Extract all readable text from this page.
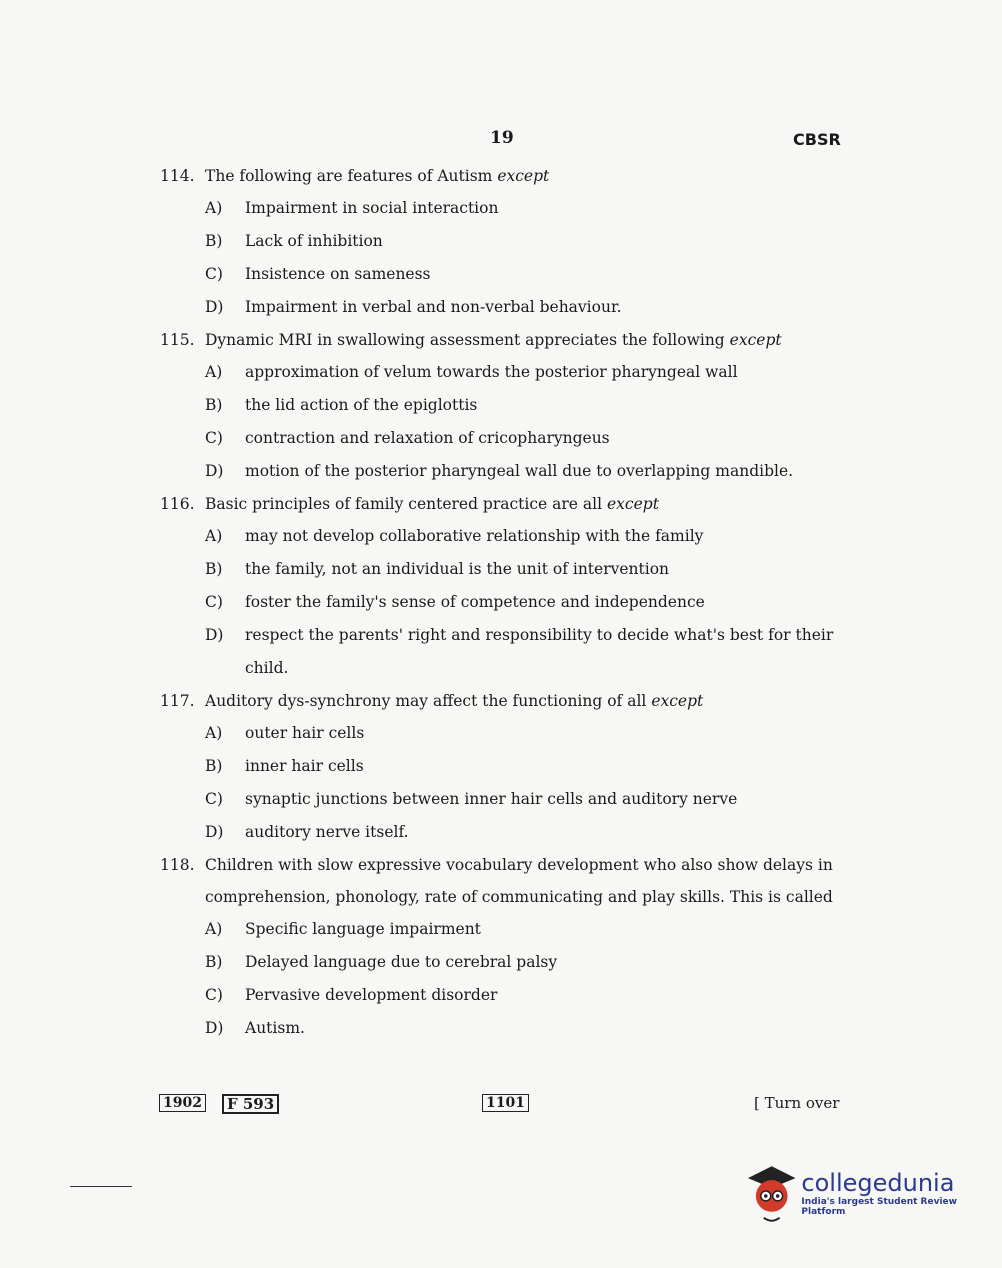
19	CBSR
114. The following are features of Autism except
A)	Impairment in social interaction
B)	Lack of inhibition
C)	Insistence on sameness
D)	Impairment in verbal and non-verbal behaviour.
115. Dynamic MRI in swallowing assessment appreciates the following except
A)	approximation of velum towards the posterior pharyngeal wall
B)	the lid action of the epiglottis
C)	contraction and relaxation of cricopharyngeus
D)	motion of the posterior pharyngeal wall due to overlapping mandible.
116. Basic principles of family centered practice are all except
A)	may not develop collaborative relationship with the family
B)	the family, not an individual is the unit of intervention
C)	foster the family's sense of competence and independence
D)	respect the parents' right and responsibility to decide what's best for their child.
117. Auditory dys-synchrony may affect the functioning of all except
A)	outer hair cells
B)	inner hair cells
C)	synaptic junctions between inner hair cells and auditory nerve
D)	auditory nerve itself.
118. Children with slow expressive vocabulary development who also show delays in comprehension, phonology, rate of communicating and play skills. This is called
A)	Specific language impairment
B)	Delayed language due to cerebral palsy
C)	Pervasive development disorder
D)	Autism.
1902	F 593	1101	[ Turn over
collegedunia
India's largest Student Review Platform
